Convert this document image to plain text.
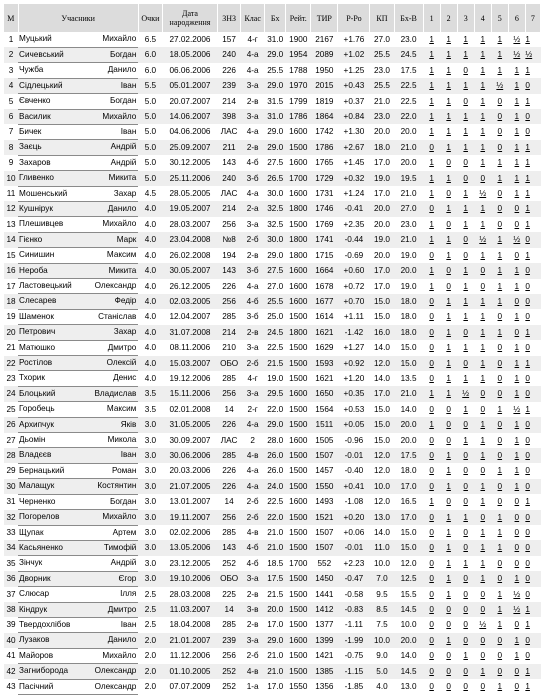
М	Учасники		Очки	Дата народження	ЗНЗ	Клас	Бх	Рейт.	ТИР	Р-Ро	КП	Бх-В	1	2	3	4	5	6	7
1	Муцький	Михайло	6.5	27.02.2006	157	4-г	31.0	1900	2167	+1.76	27.0	23.0	1	1	1	1	1	½	1
2	Сичевський	Богдан	6.0	18.05.2006	240	4-а	29.0	1954	2089	+1.02	25.5	24.5	1	1	1	1	1	½	½
3	Чужба	Данило	6.0	06.06.2006	226	4-а	25.5	1788	1950	+1.25	23.0	17.5	1	1	0	1	1	1	1
4	Сідлецький	Іван	5.5	05.01.2007	239	3-а	29.0	1970	2015	+0.43	25.5	22.5	1	1	1	1	½	1	0
5	Євченко	Богдан	5.0	20.07.2007	214	2-в	31.5	1799	1819	+0.37	21.0	22.5	1	1	0	1	0	1	1
6	Василик	Михайло	5.0	14.06.2007	398	3-а	31.0	1786	1864	+0.84	23.0	22.0	1	1	1	1	0	1	0
7	Бичек	Іван	5.0	04.06.2006	ЛАС	4-а	29.0	1600	1742	+1.30	20.0	20.0	1	1	1	1	0	1	0
8	Заєць	Андрій	5.0	25.09.2007	211	2-в	29.0	1500	1786	+2.67	18.0	21.0	0	1	1	1	0	1	1
9	Захаров	Андрій	5.0	30.12.2005	143	4-б	27.5	1600	1765	+1.45	17.0	20.0	1	0	0	1	1	1	1
10	Гливенко	Микита	5.0	25.11.2006	240	3-б	26.5	1700	1729	+0.32	19.0	19.5	1	1	0	0	1	1	1
11	Мошенський	Захар	4.5	28.05.2005	ЛАС	4-а	30.0	1600	1731	+1.24	17.0	21.0	1	0	1	½	0	1	1
12	Кушнірук	Данило	4.0	19.05.2007	214	2-а	32.5	1800	1746	-0.41	20.0	27.0	0	1	1	1	0	0	1
13	Плешивцев	Михайло	4.0	28.03.2007	256	3-а	32.5	1500	1769	+2.35	20.0	23.0	1	0	1	1	0	0	1
14	Гієнко	Марк	4.0	23.04.2008	№8	2-б	30.0	1800	1741	-0.44	19.0	21.0	1	1	0	½	1	½	0
15	Синишин	Максим	4.0	26.02.2008	194	2-в	29.0	1800	1715	-0.69	20.0	19.0	0	1	0	1	1	0	1
16	Нероба	Микита	4.0	30.05.2007	143	3-б	27.5	1600	1664	+0.60	17.0	20.0	1	0	1	0	1	1	0
17	Ластовецький	Олександр	4.0	26.12.2005	226	4-а	27.0	1600	1678	+0.72	17.0	19.0	1	0	1	0	1	1	0
18	Слесарев	Федір	4.0	02.03.2005	256	4-б	25.5	1600	1677	+0.70	15.0	18.0	0	1	1	1	1	0	0
19	Шаменок	Станіслав	4.0	12.04.2007	285	3-б	25.0	1500	1614	+1.11	15.0	18.0	0	1	1	1	0	1	0
20	Петрович	Захар	4.0	31.07.2008	214	2-в	24.5	1800	1621	-1.42	16.0	18.0	0	1	0	1	1	0	1
21	Матюшко	Дмитро	4.0	08.11.2006	210	3-а	22.5	1500	1629	+1.27	14.0	15.0	0	1	1	1	0	1	0
22	Ростілов	Олексій	4.0	15.03.2007	ОБО	2-б	21.5	1500	1593	+0.92	12.0	15.0	0	1	0	1	0	1	1
23	Тхорик	Денис	4.0	19.12.2006	285	4-г	19.0	1500	1621	+1.20	14.0	13.5	0	1	1	1	0	1	0
24	Блоцький	Владислав	3.5	15.11.2006	256	3-а	29.5	1600	1650	+0.35	17.0	21.0	1	1	½	0	0	1	0
25	Горобець	Максим	3.5	02.01.2008	14	2-г	22.0	1500	1564	+0.53	15.0	14.0	0	0	1	0	1	½	1
26	Архипчук	Яків	3.0	31.05.2005	226	4-а	29.0	1500	1511	+0.05	15.0	20.0	1	0	0	1	0	1	0
27	Дьомін	Микола	3.0	30.09.2007	ЛАС	2	28.0	1600	1505	-0.96	15.0	20.0	0	0	1	1	0	1	0
28	Владєєв	Іван	3.0	30.06.2006	285	4-в	26.0	1500	1507	-0.01	12.0	17.5	0	1	0	1	0	1	0
29	Бернацький	Роман	3.0	20.03.2006	226	4-а	26.0	1500	1457	-0.40	12.0	18.0	0	1	0	0	1	1	0
30	Малащук	Костянтин	3.0	21.07.2005	226	4-а	24.0	1500	1550	+0.41	10.0	17.0	0	1	0	1	0	1	0
31	Черненко	Богдан	3.0	13.01.2007	14	2-б	22.5	1600	1493	-1.08	12.0	16.5	1	0	0	1	0	0	1
32	Погорелов	Михайло	3.0	19.11.2007	256	2-б	22.0	1500	1521	+0.20	13.0	17.0	0	1	1	0	1	0	0
33	Щупак	Артем	3.0	02.02.2006	285	4-в	21.0	1500	1507	+0.06	14.0	15.0	0	1	0	1	1	0	0
34	Касьяненко	Тимофій	3.0	13.05.2006	143	4-б	21.0	1500	1507	-0.01	11.0	15.0	0	1	0	1	1	0	0
35	Зінчук	Андрій	3.0	23.12.2005	252	4-б	18.5	1700	552	+2.23	10.0	12.0	0	1	1	1	0	0	0
36	Дворник	Єгор	3.0	19.10.2006	ОБО	3-а	17.5	1500	1450	-0.47	7.0	12.5	0	1	0	1	0	1	0
37	Слюсар	Ілля	2.5	28.03.2008	225	2-в	21.5	1500	1441	-0.58	9.5	15.5	0	1	0	0	1	½	0
38	Кіндрук	Дмитро	2.5	11.03.2007	14	3-в	20.0	1500	1412	-0.83	8.5	14.5	0	0	0	0	1	½	1
39	Твердохлібов	Іван	2.5	18.04.2008	285	2-в	17.0	1500	1377	-1.11	7.5	10.0	0	0	0	½	1	0	1
40	Лузаков	Данило	2.0	21.01.2007	239	3-а	29.0	1600	1399	-1.99	10.0	20.0	0	1	0	0	0	1	0
41	Майоров	Михайло	2.0	11.12.2006	256	2-б	21.0	1500	1421	-0.75	9.0	14.0	0	0	1	0	0	1	0
42	Загниборода	Олександр	2.0	01.10.2005	252	4-в	21.0	1500	1385	-1.15	5.0	14.5	0	0	0	1	0	0	1
43	Пасічний	Олександр	2.0	07.07.2009	252	1-а	17.0	1550	1356	-1.85	4.0	13.0	0	0	0	0	1	0	1
